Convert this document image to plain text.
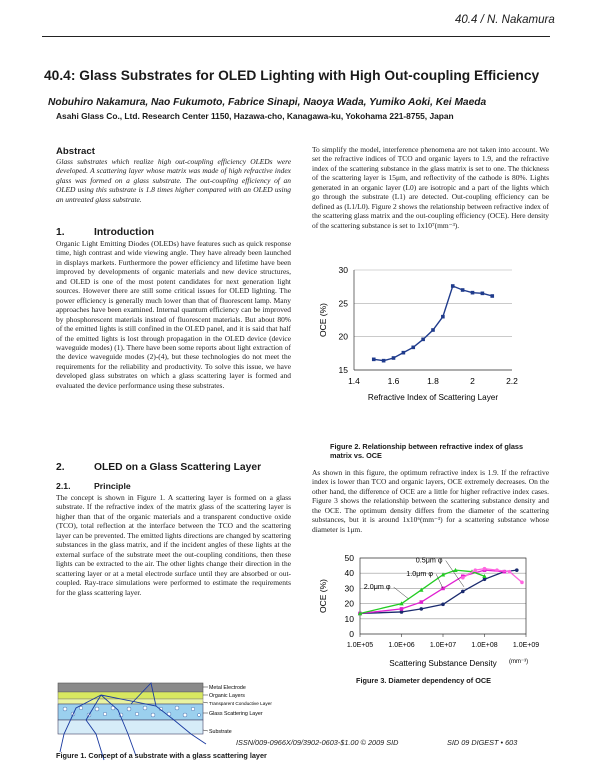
40.4 / N. Nakamura
40.4: Glass Substrates for OLED Lighting with High Out-coupling Efficiency
Nobuhiro Nakamura, Nao Fukumoto, Fabrice Sinapi, Naoya Wada, Yumiko Aoki, Kei Maeda
Asahi Glass Co., Ltd. Research Center 1150, Hazawa-cho, Kanagawa-ku, Yokohama 221-8755, Japan
Abstract

Glass substrates which realize high out-coupling efficiency OLEDs were developed. A scattering layer whose matrix was made of high refractive index glass was formed on a glass substrate. The out-coupling efficiency of an OLED using this substrate is 1.8 times higher compared with an OLED using an untreated glass substrate.

1.	Introduction

Organic Light Emitting Diodes (OLEDs) have features such as quick response time, high contrast and wide viewing angle. They have already been launched in displays markets. Furthermore the power efficiency and lifetime have been improved by developments of organic materials and new device structures, and OLED is one of the most potent candidates for next generation light sources. However there are still some critical issues for OLED lighting. The power efficiency is generally much lower than that of fluorescent lamp. Many approaches have been examined. Internal quantum efficiency can be improved by phosphorescent materials instead of fluorescent materials. But about 80% of the emitted lights is still confined in the OLED panel, and it is said that half of the emitted lights is lost through propagation in the OLED device (device waveguide modes) (1). There have been some reports about light extraction of the device waveguide modes (2)-(4), but these technologies do not meet the requirements for the reliability and productivity. To solve this issue, we have developed glass substrates on which a glass scattering layer is formed and evaluated the device performance using these substrates.

2.	OLED on a Glass Scattering Layer
2.1.	Principle

The concept is shown in Figure 1. A scattering layer is formed on a glass substrate. If the refractive index of the matrix glass of the scattering layer is higher than that of the organic materials and a transparent conductive oxide (TCO), total reflection at the interface between the TCO and the scattering layer can be prevented. The emitted lights directions are changed by scattering substances in the glass matrix, and if the incident angles of these lights at the external surface of the substrate meet the out-coupling conditions, then these lights can be extracted to the air. The other lights change their direction in the scattering layer or at a metal electrode surface until they are absorbed or out-coupled. Ray-trace simulations were performed to estimate the requirements for the glass scattering layer.

Metal Electrode
Organic Layers
Transparent Conductive Layer
Glass Scattering Layer
Substrate
Figure 1. Concept of a substrate with a glass scattering layer

To simplify the model, interference phenomena are not taken into account. We set the refractive indices of TCO and organic layers to 1.9, and the refractive index of the scattering substance in the glass matrix is set to one. The thickness of the scattering layer is 15μm, and reflectivity of the cathode is 80%. Lights generated in an organic layer (L0) are isotropic and a part of the lights which go through the substrate (L1) are detected. Out-coupling efficiency can be defined as (L1/L0). Figure 2 shows the relationship between refractive index of the scattering glass matrix and the out-coupling efficiency (OCE). Here density of the scattering substance is set to 1x10⁷(mm⁻³).

15
20
25
30
1.4	1.6	1.8	2	2.2
Refractive Index of Scattering Layer
OCE (%)
Figure 2. Relationship between refractive index of glass matrix vs. OCE

As shown in this figure, the optimum refractive index is 1.9. If the refractive index is lower than TCO and organic layers, OCE extremely decreases. On the other hand, the difference of OCE are a little for higher refractive index cases. Figure 3 shows the relationship between the scattering substance density and the OCE. The optimum density differs from the diameter of the scattering substances, but it is around 1x10⁶(mm⁻³) for a scattering substance whose diameter is 1μm.

0
10
20
30
40
50
1.0E+05 1.0E+06 1.0E+07 1.0E+08 1.0E+09
Scattering Substance Density (mm⁻³)
OCE (%)
0.5μm φ
1.0μm φ
2.0μm φ
Figure 3. Diameter dependency of OCE
ISSN/009-0966X/09/3902-0603-$1.00 © 2009 SID	SID 09 DIGEST • 603
